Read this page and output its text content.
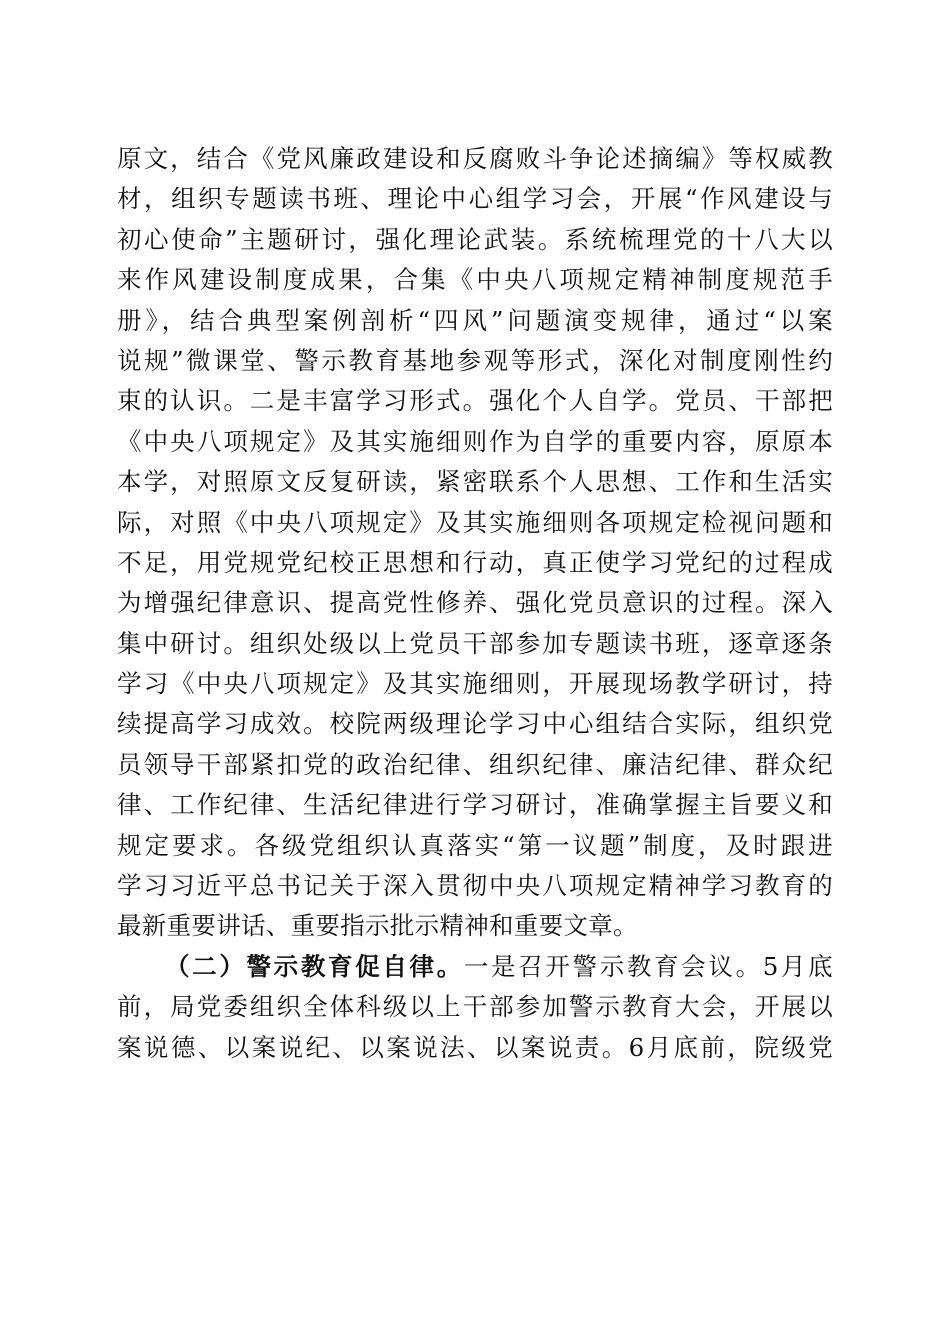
原文，结合《党风廉政建设和反腐败斗争论述摘编》等权威教
材，组织专题读书班、理论中心组学习会，开展“作风建设与
初心使命”主题研讨，强化理论武装。系统梳理党的十八大以
来作风建设制度成果，合集《中央八项规定精神制度规范手
册》，结合典型案例剖析“四风”问题演变规律，通过“以案
说规”微课堂、警示教育基地参观等形式，深化对制度刚性约
束的认识。二是丰富学习形式。强化个人自学。党员、干部把
《中央八项规定》及其实施细则作为自学的重要内容，原原本
本学，对照原文反复研读，紧密联系个人思想、工作和生活实
际，对照《中央八项规定》及其实施细则各项规定检视问题和
不足，用党规党纪校正思想和行动，真正使学习党纪的过程成
为增强纪律意识、提高党性修养、强化党员意识的过程。深入
集中研讨。组织处级以上党员干部参加专题读书班，逐章逐条
学习《中央八项规定》及其实施细则，开展现场教学研讨，持
续提高学习成效。校院两级理论学习中心组结合实际，组织党
员领导干部紧扣党的政治纪律、组织纪律、廉洁纪律、群众纪
律、工作纪律、生活纪律进行学习研讨，准确掌握主旨要义和
规定要求。各级党组织认真落实“第一议题”制度，及时跟进
学习习近平总书记关于深入贯彻中央八项规定精神学习教育的
最新重要讲话、重要指示批示精神和重要文章。
（二）警示教育促自律。一是召开警示教育会议。5月底
前，局党委组织全体科级以上干部参加警示教育大会，开展以
案说德、以案说纪、以案说法、以案说责。6月底前，院级党
